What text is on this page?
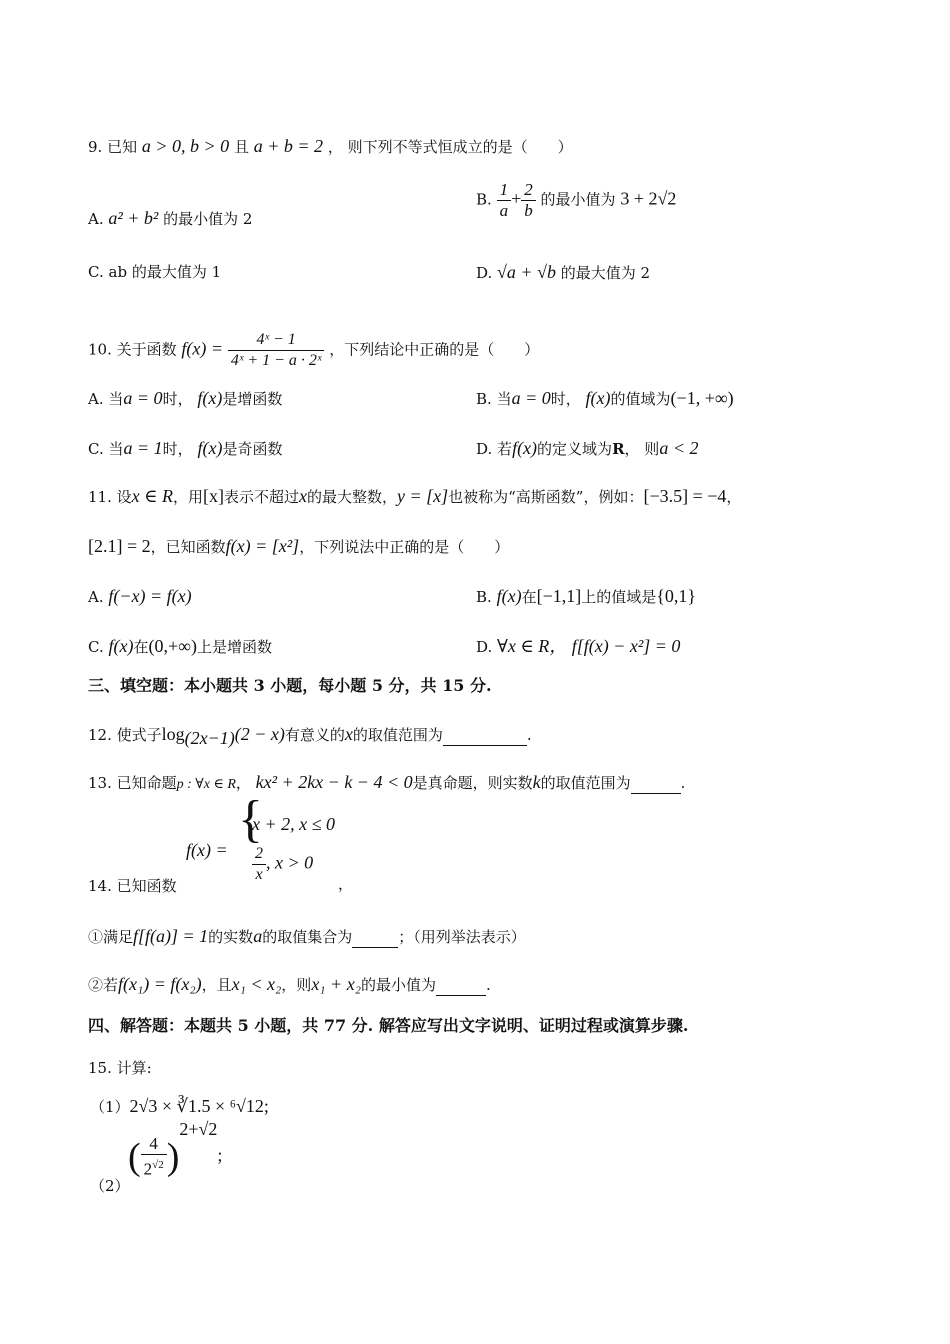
9. 已知 a > 0, b > 0 且 a + b = 2 ， 则下列不等式恒成立的是（　　）
A. a² + b² 的最小值为 2
B. $\frac{1}{a} + \frac{2}{b}$ 的最小值为 3 + 2√2
C. ab 的最大值为 1	D. √a + √b 的最大值为 2
10. 关于函数 $f(x) = \frac{\text{4ˣ − 1}}{\text{4ˣ + 1 − a · 2ˣ}}$ ，下列结论中正确的是（　　）
A. 当a = 0时， f(x)是增函数	B. 当a = 0时， f(x)的值域为(−1, +∞)
C. 当a = 1时， f(x)是奇函数	D. 若f(x)的定义域为R， 则a < 2
11. 设x ∈ R，用[x]表示不超过x的最大整数，y = [x]也被称为“高斯函数”，例如：[−3.5] = −4，
[2.1] = 2，已知函数f(x) = [x²]，下列说法中正确的是（　　）
A. f(−x) = f(x)	B. f(x)在[−1,1]上的值域是{0,1}
C. f(x)在(0,+∞)上是增函数	D. ∀x ∈ R， f[f(x) − x²] = 0
三、填空题：本小题共 3 小题，每小题 5 分，共 15 分.
12. 使式子$\log_{(2x-1)}(2 - x)$有意义的x的取值范围为	.
13. 已知命题p : ∀x ∈ R， kx² + 2kx − k − 4 < 0是真命题，则实数k的取值范围为	.
14. 已知函数
f(x) =
{
x + 2, x ≤ 0
$\frac{2}{x}$ , x > 0
，
①满足f[f(a)] = 1的实数a的取值集合为	；（用列举法表示）
②若f(x₁) = f(x₂)，且x₁ < x₂，则x₁ + x₂的最小值为	.
四、解答题：本题共 5 小题，共 77 分. 解答应写出文字说明、证明过程或演算步骤.
15. 计算:
（1）2√3 × ∛1.5 × ⁶√12;
（2）
( $\frac{4}{2^{√2}} )^{2+√2}$;
